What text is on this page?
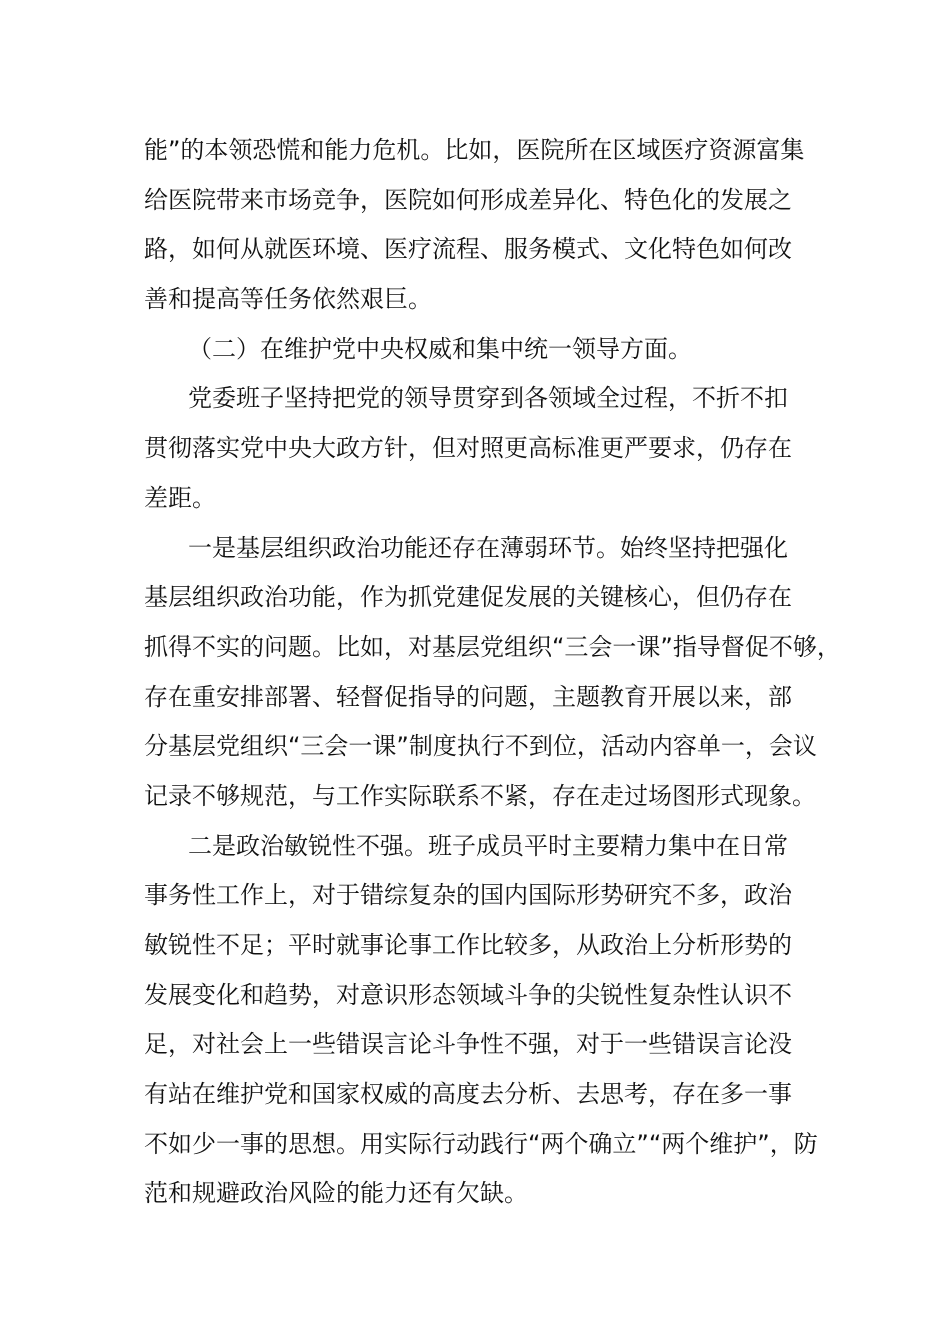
能”的本领恐慌和能力危机。比如，医院所在区域医疗资源富集
给医院带来市场竞争，医院如何形成差异化、特色化的发展之
路，如何从就医环境、医疗流程、服务模式、文化特色如何改
善和提高等任务依然艰巨。
（二）在维护党中央权威和集中统一领导方面。
党委班子坚持把党的领导贯穿到各领域全过程，不折不扣
贯彻落实党中央大政方针，但对照更高标准更严要求，仍存在
差距。
一是基层组织政治功能还存在薄弱环节。始终坚持把强化
基层组织政治功能，作为抓党建促发展的关键核心，但仍存在
抓得不实的问题。比如，对基层党组织“三会一课”指导督促不够，
存在重安排部署、轻督促指导的问题，主题教育开展以来，部
分基层党组织“三会一课”制度执行不到位，活动内容单一，会议
记录不够规范，与工作实际联系不紧，存在走过场图形式现象。
二是政治敏锐性不强。班子成员平时主要精力集中在日常
事务性工作上，对于错综复杂的国内国际形势研究不多，政治
敏锐性不足；平时就事论事工作比较多，从政治上分析形势的
发展变化和趋势，对意识形态领域斗争的尖锐性复杂性认识不
足，对社会上一些错误言论斗争性不强，对于一些错误言论没
有站在维护党和国家权威的高度去分析、去思考，存在多一事
不如少一事的思想。用实际行动践行“两个确立”“两个维护”，防
范和规避政治风险的能力还有欠缺。
